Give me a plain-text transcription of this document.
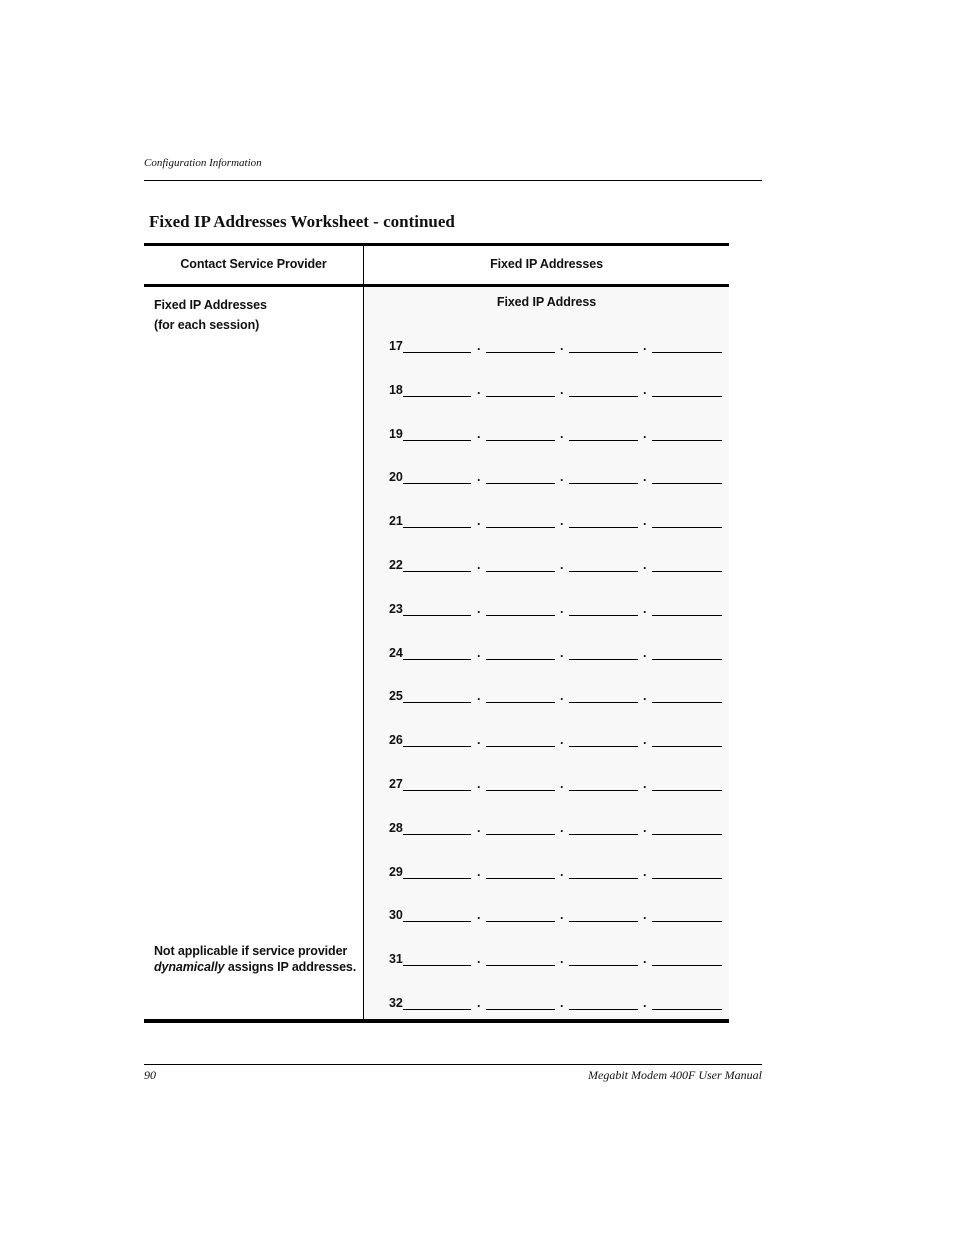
Configuration Information
Fixed IP Addresses Worksheet - continued
Contact Service Provider	Fixed IP Addresses
Fixed IP Addresses
(for each session)
Fixed IP Address
Not applicable if service provider
dynamically assigns IP addresses.
17	.	.	.
18	.	.	.
19	.	.	.
20	.	.	.
21	.	.	.
22	.	.	.
23	.	.	.
24	.	.	.
25	.	.	.
26	.	.	.
27	.	.	.
28	.	.	.
29	.	.	.
30	.	.	.
31	.	.	.
32	.	.	.
90	Megabit Modem 400F User Manual
